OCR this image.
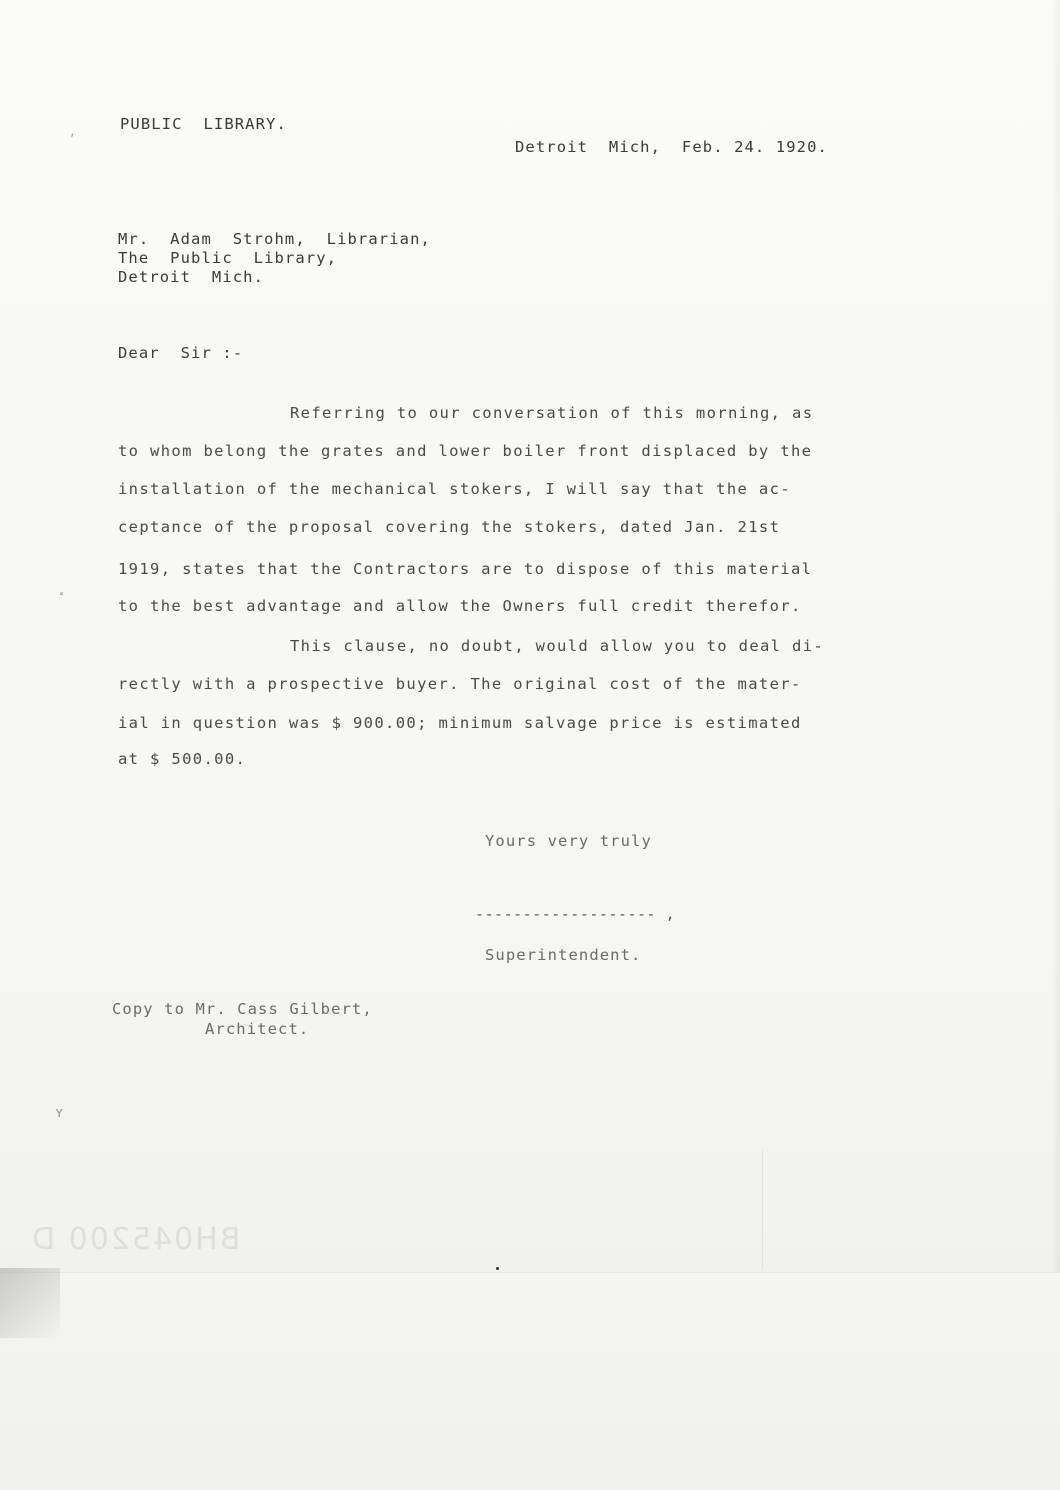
BH045200 D
ʼ
˟
ʏ
PUBLIC  LIBRARY.
Detroit  Mich,  Feb. 24. 1920.
Mr.  Adam  Strohm,  Librarian,
The  Public  Library,
Detroit  Mich.
Dear  Sir :-
Referring to our conversation of this morning, as
to whom belong the grates and lower boiler front displaced by the
installation of the mechanical stokers, I will say that the ac-
ceptance of the proposal covering the stokers, dated Jan. 21st
1919, states that the Contractors are to dispose of this material
to the best advantage and allow the Owners full credit therefor.
This clause, no doubt, would allow you to deal di-
rectly with a prospective buyer. The original cost of the mater-
ial in question was $ 900.00; minimum salvage price is estimated
at $ 500.00.
Yours very truly
------------------- ,
Superintendent.
Copy to Mr. Cass Gilbert,
Architect.
